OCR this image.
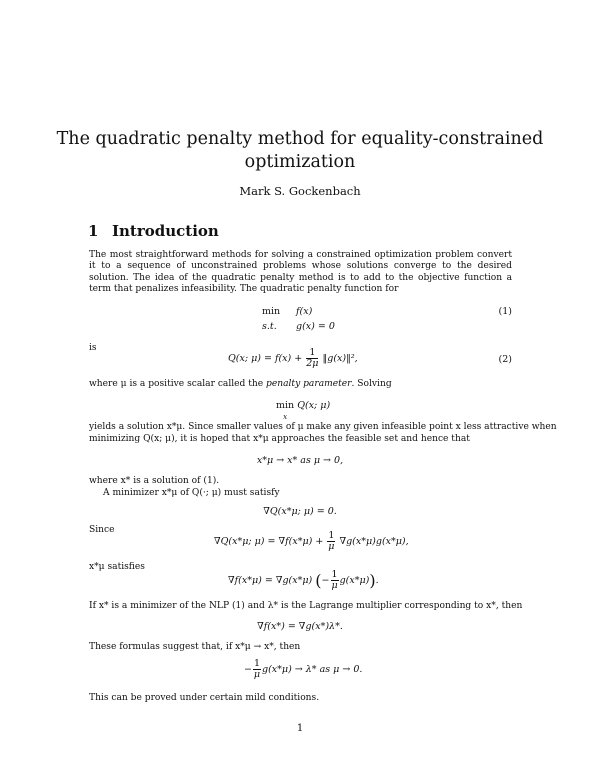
The quadratic penalty method for equality-constrained
optimization
Mark S. Gockenbach
1 Introduction
The most straightforward methods for solving a constrained optimization problem convert it to a sequence of unconstrained problems whose solutions converge to the desired solution. The idea of the quadratic penalty method is to add to the objective function a term that penalizes infeasibility. The quadratic penalty function for
min f(x)
s.t. g(x) = 0
(1)
is
Q(x; $\mu) = f(x) + \frac{1}{2\mu}$ ‖g(x)‖²,	(2)
where μ is a positive scalar called the penalty parameter. Solving
min
x Q(x; μ)
yields a solution x*μ. Since smaller values of μ make any given infeasible point x less attractive when
minimizing Q(x; μ), it is hoped that x*μ approaches the feasible set and hence that
x*μ → x* as μ → 0,
where x* is a solution of (1).
A minimizer x*μ of Q(·; μ) must satisfy
∇Q(x*μ; μ) = 0.
Since
∇Q(x*μ; $\mu) = \nabla f(x*\mu) + \frac{1}{\mu} \nabla g(x*\mu)g(x*\mu)$,
x*μ satisfies
∇f(x*μ) = ∇g(x*μ) (− $\frac{1}{\mu} g(x*\mu)$).
If x* is a minimizer of the NLP (1) and λ* is the Lagrange multiplier corresponding to x*, then
∇f(x*) = ∇g(x*)λ*.
These formulas suggest that, if x*μ → x*, then
− $\frac{1}{\mu} g(x*\mu) \to \lambda*$ as μ → 0.
This can be proved under certain mild conditions.
1
